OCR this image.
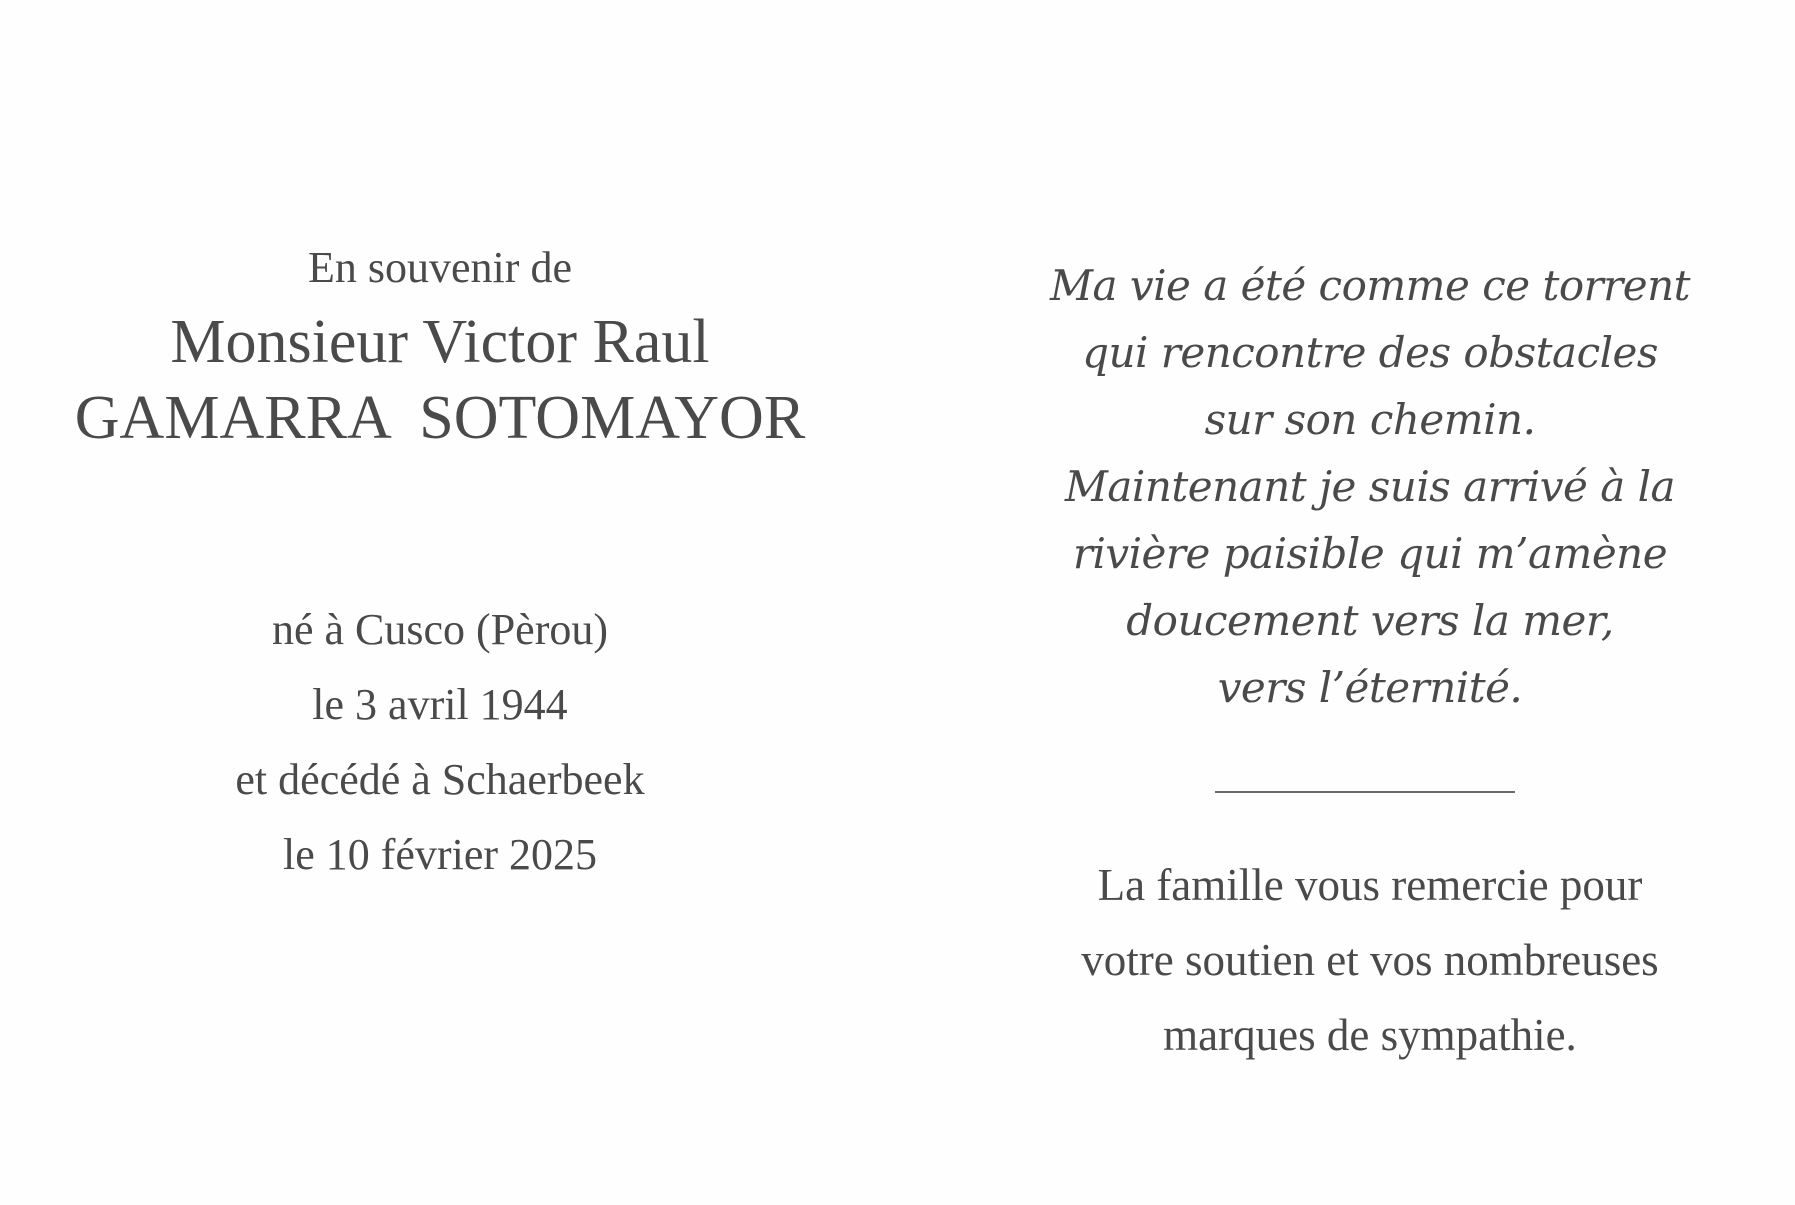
En souvenir de
Monsieur Victor Raul
GAMARRA  SOTOMAYOR
né à Cusco (Pèrou)
le 3 avril 1944
et décédé à Schaerbeek
le 10 février 2025
Ma vie a été comme ce torrent
qui rencontre des obstacles
sur son chemin.
Maintenant je suis arrivé à la
rivière paisible qui m’amène
doucement vers la mer,
vers l’éternité.
La famille vous remercie pour
votre soutien et vos nombreuses
marques de sympathie.
